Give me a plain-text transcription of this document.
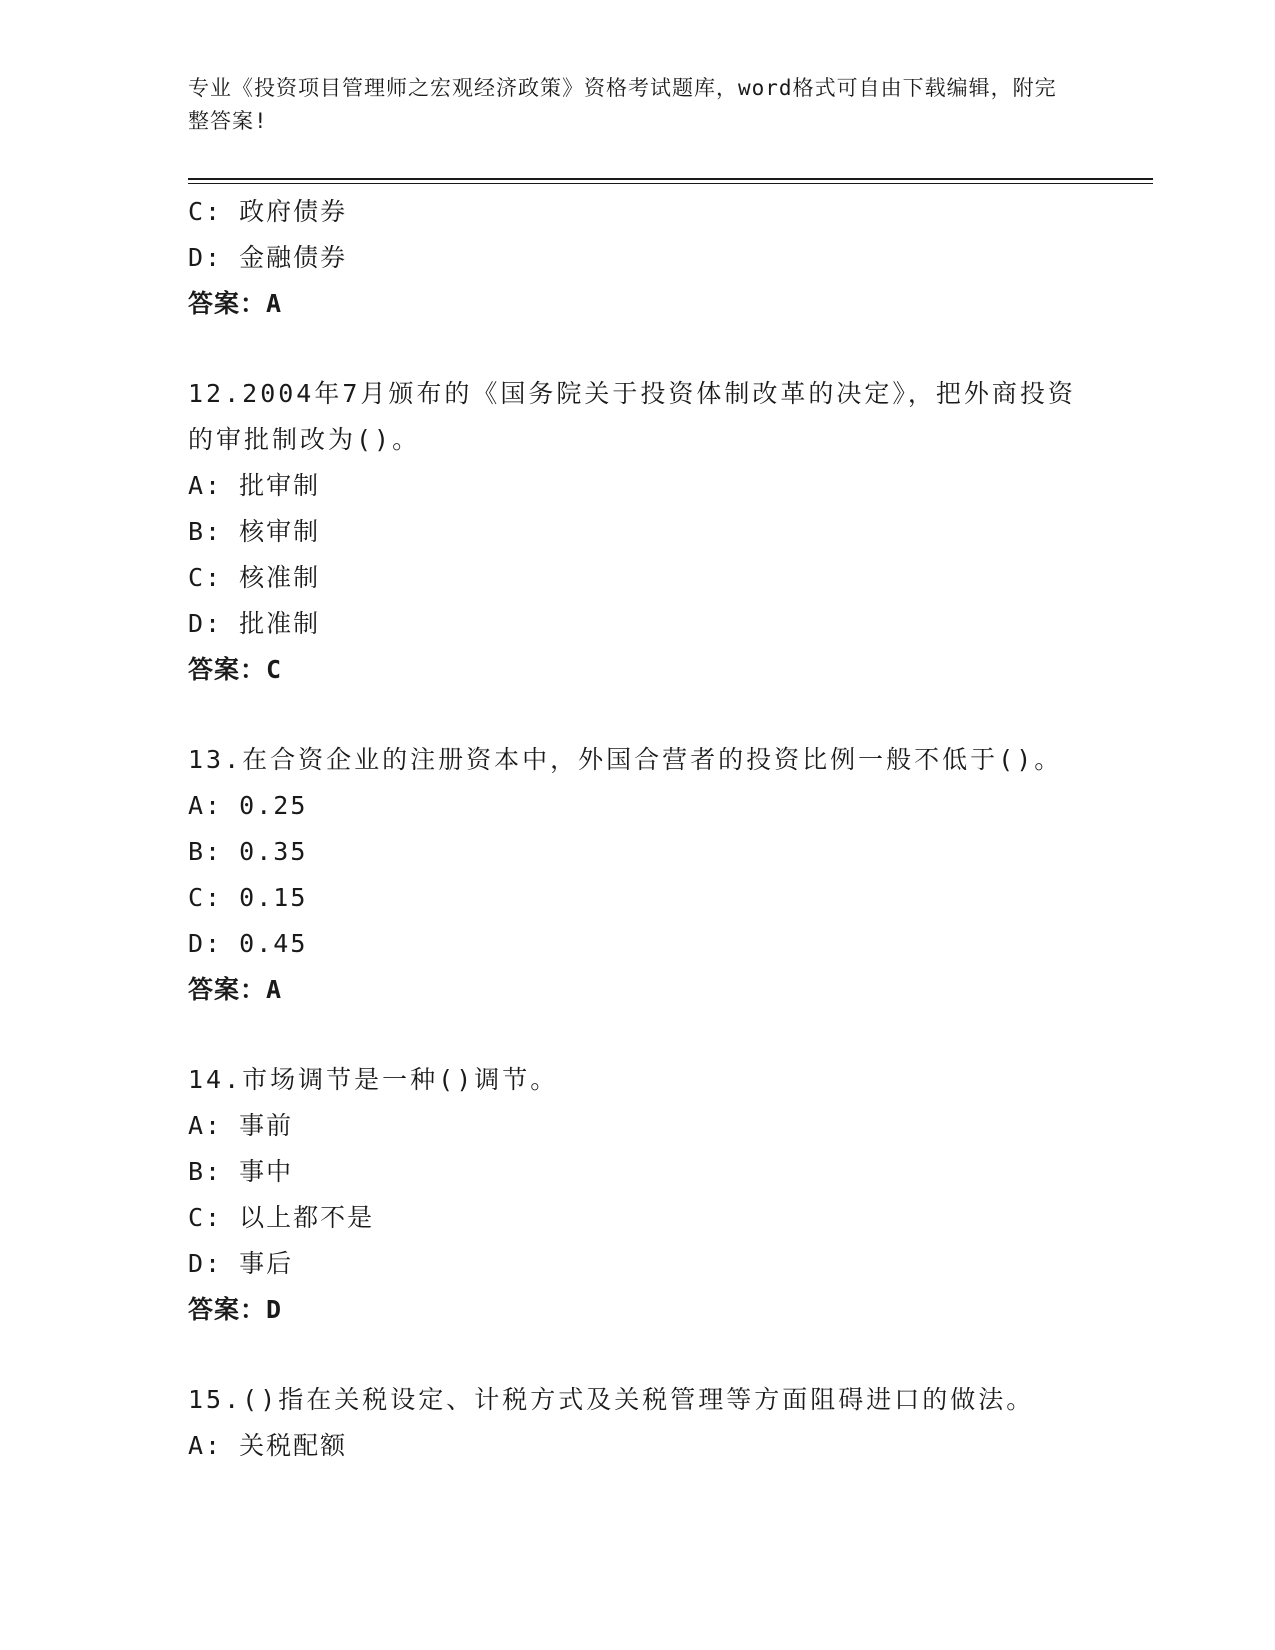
专业《投资项目管理师之宏观经济政策》资格考试题库，word格式可自由下载编辑，附完整答案!
C: 政府债券
D: 金融债券
答案：A
12.2004年7月颁布的《国务院关于投资体制改革的决定》，把外商投资的审批制改为()。
A: 批审制
B: 核审制
C: 核准制
D: 批准制
答案：C
13.在合资企业的注册资本中，外国合营者的投资比例一般不低于()。
A: 0.25
B: 0.35
C: 0.15
D: 0.45
答案：A
14.市场调节是一种()调节。
A: 事前
B: 事中
C: 以上都不是
D: 事后
答案：D
15.()指在关税设定、计税方式及关税管理等方面阻碍进口的做法。
A: 关税配额
